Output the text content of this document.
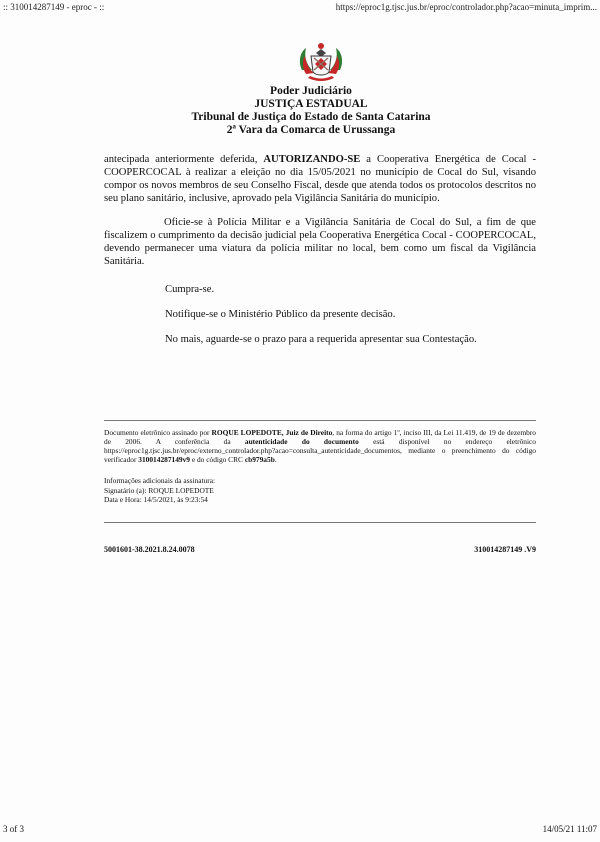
:: 310014287149 - eproc - ::	https://eproc1g.tjsc.jus.br/eproc/controlador.php?acao=minuta_imprim...
Poder Judiciário
JUSTIÇA ESTADUAL
Tribunal de Justiça do Estado de Santa Catarina
2ª Vara da Comarca de Urussanga
antecipada anteriormente deferida, AUTORIZANDO-SE a Cooperativa Energética de Cocal - COOPERCOCAL à realizar a eleição no dia 15/05/2021 no município de Cocal do Sul, visando compor os novos membros de seu Conselho Fiscal, desde que atenda todos os protocolos descritos no seu plano sanitário, inclusive, aprovado pela Vigilância Sanitária do município.
Oficie-se à Polícia Militar e a Vigilância Sanitária de Cocal do Sul, a fim de que fiscalizem o cumprimento da decisão judicial pela Cooperativa Energética Cocal - COOPERCOCAL, devendo permanecer uma viatura da polícia militar no local, bem como um fiscal da Vigilância Sanitária.
Cumpra-se.
Notifique-se o Ministério Público da presente decisão.
No mais, aguarde-se o prazo para a requerida apresentar sua Contestação.
Documento eletrônico assinado por ROQUE LOPEDOTE, Juiz de Direito, na forma do artigo 1º, inciso III, da Lei 11.419, de 19 de dezembro de 2006. A conferência da autenticidade do documento está disponível no endereço eletrônico https://eproc1g.tjsc.jus.br/eproc/externo_controlador.php?acao=consulta_autenticidade_documentos, mediante o preenchimento do código verificador 310014287149v9 e do código CRC cb979a5b.
Informações adicionais da assinatura:
Signatário (a): ROQUE LOPEDOTE
Data e Hora: 14/5/2021, às 9:23:54
5001601-38.2021.8.24.0078	310014287149 .V9
3 of 3	14/05/21 11:07
